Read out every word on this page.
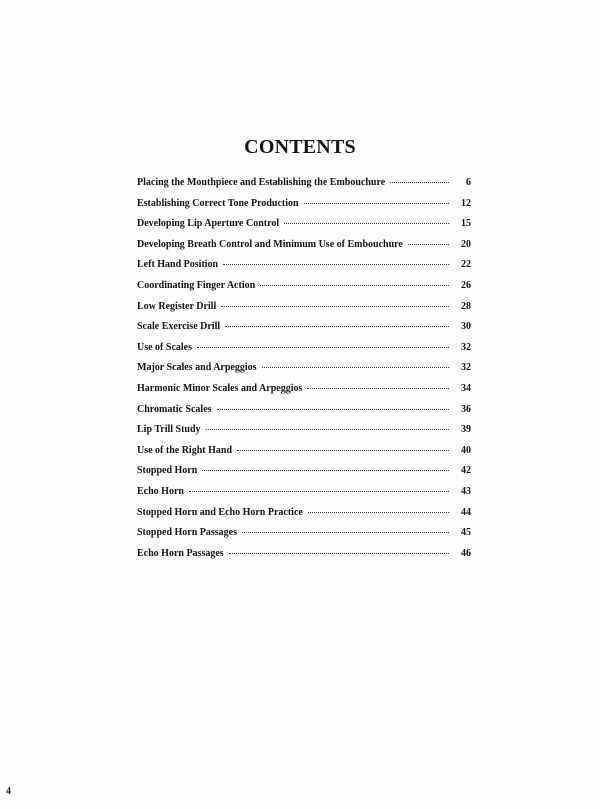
CONTENTS
Placing the Mouthpiece and Establishing the Embouchure	6
Establishing Correct Tone Production	12
Developing Lip Aperture Control	15
Developing Breath Control and Minimum Use of Embouchure	20
Left Hand Position	22
Coordinating Finger Action	26
Low Register Drill	28
Scale Exercise Drill	30
Use of Scales	32
Major Scales and Arpeggios	32
Harmonic Minor Scales and Arpeggios	34
Chromatic Scales	36
Lip Trill Study	39
Use of the Right Hand	40
Stopped Horn	42
Echo Horn	43
Stopped Horn and Echo Horn Practice	44
Stopped Horn Passages	45
Echo Horn Passages	46
4
